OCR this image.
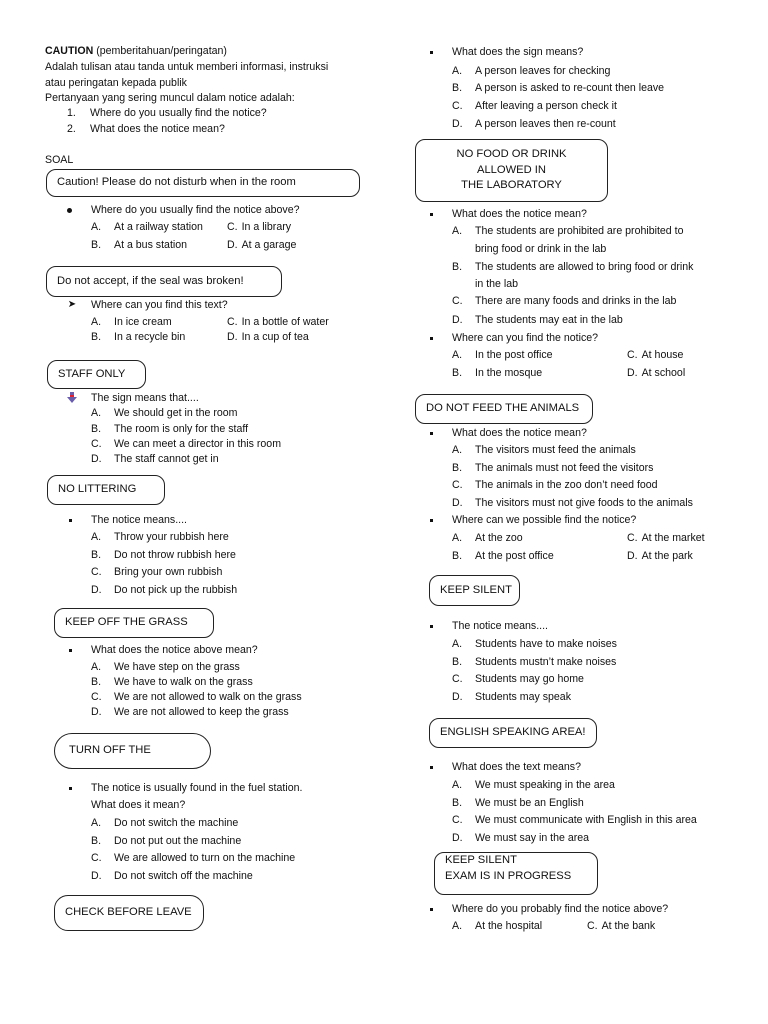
CAUTION (pemberitahuan/peringatan)
Adalah tulisan atau tanda untuk memberi informasi, instruksi
atau peringatan kepada publik
Pertanyaan yang sering muncul dalam notice adalah:
1. Where do you usually find the notice?
2. What does the notice mean?
SOAL
Caution! Please do not disturb when in the room
Where do you usually find the notice above?
A. At a railway station C. In a library
B. At a bus station	D. At a garage
Do not accept, if the seal was broken!
➤ Where can you find this text?
A. In ice cream	C. In a bottle of water
B. In a recycle bin	D. In a cup of tea
STAFF ONLY
The sign means that....
A. We should get in the room
B. The room is only for the staff
C. We can meet a director in this room
D. The staff cannot get in
NO LITTERING
The notice means....
A. Throw your rubbish here
B. Do not throw rubbish here
C. Bring your own rubbish
D. Do not pick up the rubbish
KEEP OFF THE GRASS
What does the notice above mean?
A. We have step on the grass
B. We have to walk on the grass
C. We are not allowed to walk on the grass
D. We are not allowed to keep the grass
TURN OFF THE
The notice is usually found in the fuel station.
What does it mean?
A. Do not switch the machine
B. Do not put out the machine
C. We are allowed to turn on the machine
D. Do not switch off the machine
CHECK BEFORE LEAVE
What does the sign means?
A. A person leaves for checking
B. A person is asked to re-count then leave
C. After leaving a person check it
D. A person leaves then re-count
NO FOOD OR DRINK
ALLOWED IN
THE LABORATORY
What does the notice mean?
A. The students are prohibited are prohibited to
bring food or drink in the lab
B. The students are allowed to bring food or drink
in the lab
C. There are many foods and drinks in the lab
D. The students may eat in the lab
Where can you find the notice?
A. In the post office	C. At house
B. In the mosque	D. At school
DO NOT FEED THE ANIMALS
What does the notice mean?
A. The visitors must feed the animals
B. The animals must not feed the visitors
C. The animals in the zoo don’t need food
D. The visitors must not give foods to the animals
Where can we possible find the notice?
A. At the zoo	C. At the market
B. At the post office	D. At the park
KEEP SILENT
The notice means....
A. Students have to make noises
B. Students mustn’t make noises
C. Students may go home
D. Students may speak
ENGLISH SPEAKING AREA!
What does the text means?
A. We must speaking in the area
B. We must be an English
C. We must communicate with English in this area
D. We must say in the area
KEEP SILENT
EXAM IS IN PROGRESS
Where do you probably find the notice above?
A. At the hospital	C. At the bank
